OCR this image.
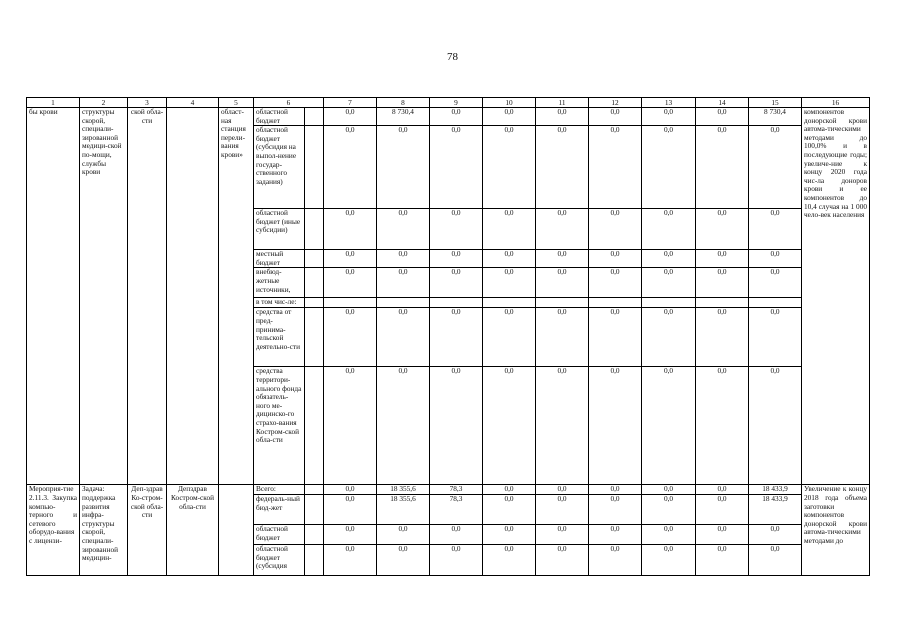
78
1	2	3	4	5	6		7	8	9	10	11	12	13	14	15	16
бы крови	структуры скорой, специали-зированной медици-ской по-мощи, службы крови	ской обла-сти		област-ная станция перели-вания крови»	областной бюджет		0,0	8 730,4	0,0	0,0	0,0	0,0	0,0	0,0	8 730,4	компонентов донорской крови автома-тическими методами до 100,0% и в последующие годы; увеличе-ние к концу 2020 года чис-ла доноров крови и ее компонентов до 10,4 случая на 1 000 чело-век населения
					областной бюджет (субсидия на выпол-нение государ-ственного задания)		0,0	0,0	0,0	0,0	0,0	0,0	0,0	0,0	0,0	
					областной бюджет (иные субсидии)		0,0	0,0	0,0	0,0	0,0	0,0	0,0	0,0	0,0	
					местный бюджет		0,0	0,0	0,0	0,0	0,0	0,0	0,0	0,0	0,0	
					внебюд-жетные источники,		0,0	0,0	0,0	0,0	0,0	0,0	0,0	0,0	0,0	
					в том чис-ле:											
					средства от пред-принима-тельской деятельно-сти		0,0	0,0	0,0	0,0	0,0	0,0	0,0	0,0	0,0	
					средства территори-ального фонда обязатель-ного ме-дицинско-го страхо-вания Костром-ской обла-сти		0,0	0,0	0,0	0,0	0,0	0,0	0,0	0,0	0,0	
Мероприя-тие 2.11.3. Закупка компью-терного и сетевого оборудо-вания с лицензи-	Задача: поддержка развития инфра-структуры скорой, специали-зированной медицин-	Деп-здрав Ко-стром-ской обла-сти	Депздрав Костром-ской обла-сти		Всего:		0,0	18 355,6	78,3	0,0	0,0	0,0	0,0	0,0	18 433,9	Увеличение к концу 2018 года объема заготовки компонентов донорской крови автома-тическими методами до
					федераль-ный бюд-жет		0,0	18 355,6	78,3	0,0	0,0	0,0	0,0	0,0	18 433,9	
					областной бюджет		0,0	0,0	0,0	0,0	0,0	0,0	0,0	0,0	0,0	
					областной бюджет (субсидия		0,0	0,0	0,0	0,0	0,0	0,0	0,0	0,0	0,0	
